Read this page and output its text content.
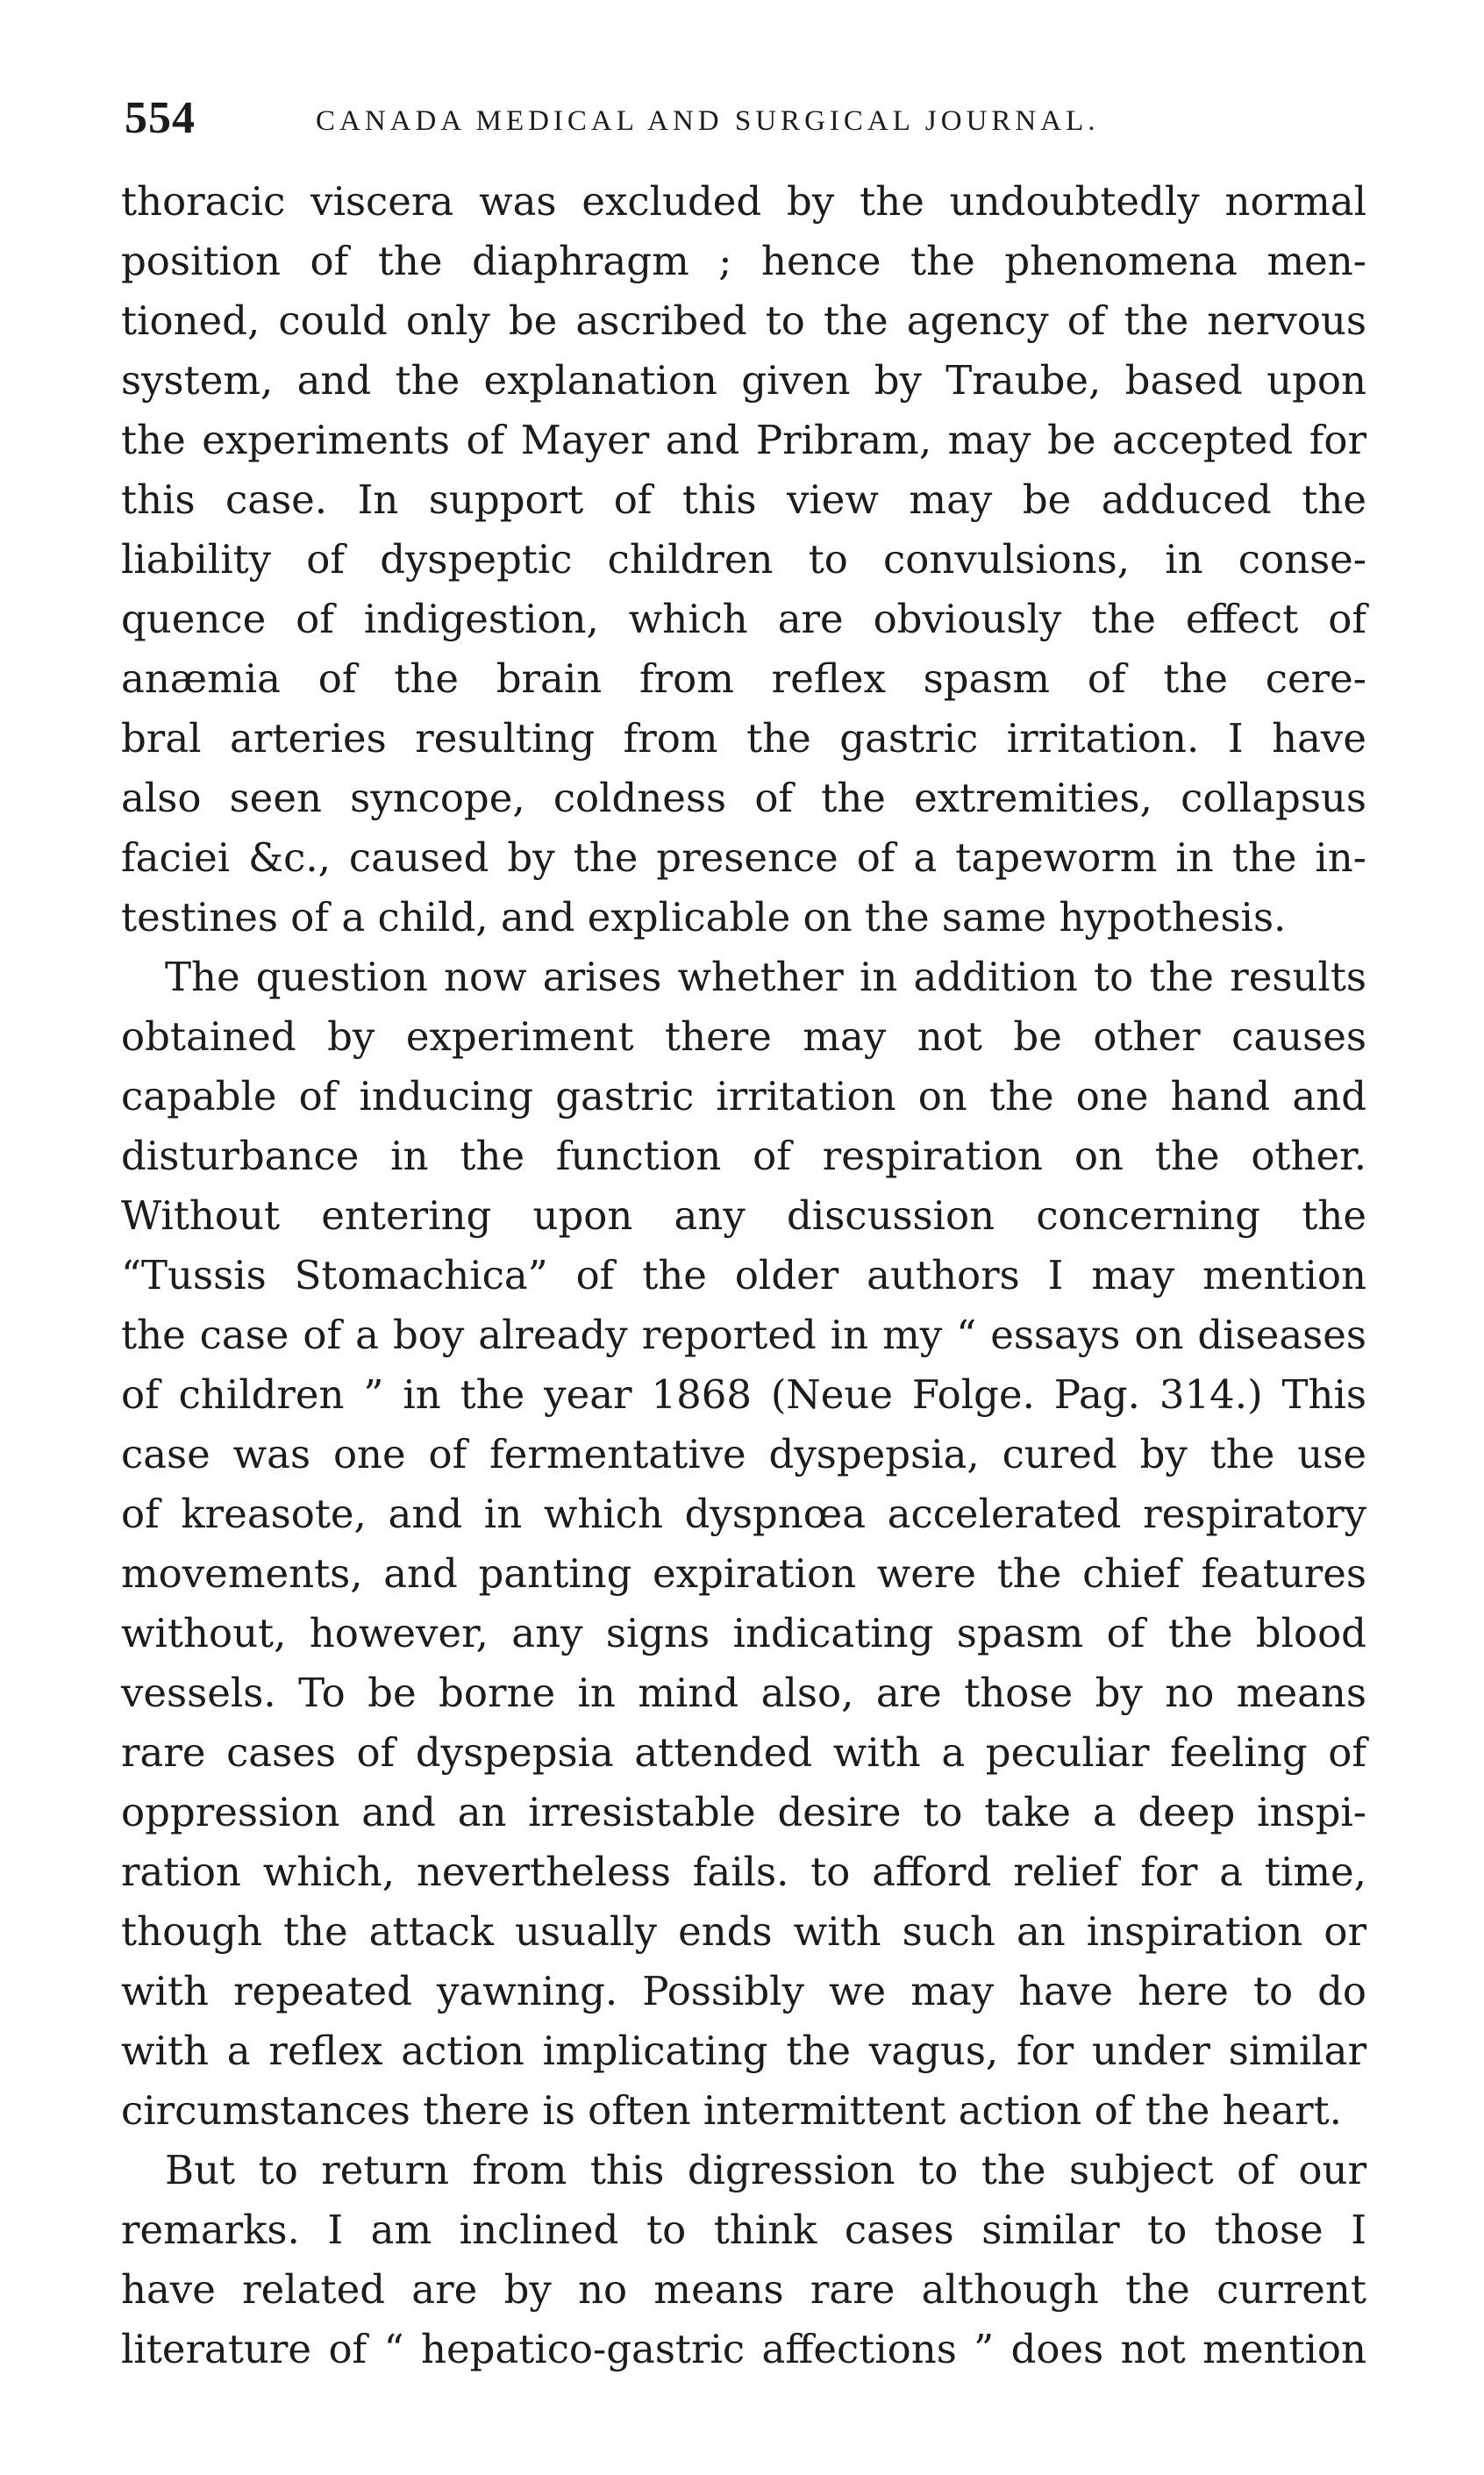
554	CANADA MEDICAL AND SURGICAL JOURNAL.
thoracic viscera was excluded by the undoubtedly normal
position of the diaphragm ; hence the phenomena men-
tioned, could only be ascribed to the agency of the nervous
system, and the explanation given by Traube, based upon
the experiments of Mayer and Pribram, may be accepted for
this case. In support of this view may be adduced the
liability of dyspeptic children to convulsions, in conse-
quence of indigestion, which are obviously the effect of
anæmia of the brain from reflex spasm of the cere-
bral arteries resulting from the gastric irritation. I have
also seen syncope, coldness of the extremities, collapsus
faciei &c., caused by the presence of a tapeworm in the in-
testines of a child, and explicable on the same hypothesis.
The question now arises whether in addition to the results
obtained by experiment there may not be other causes
capable of inducing gastric irritation on the one hand and
disturbance in the function of respiration on the other.
Without entering upon any discussion concerning the
“Tussis Stomachica” of the older authors I may mention
the case of a boy already reported in my “ essays on diseases
of children ” in the year 1868 (Neue Folge. Pag. 314.) This
case was one of fermentative dyspepsia, cured by the use
of kreasote, and in which dyspnœa accelerated respiratory
movements, and panting expiration were the chief features
without, however, any signs indicating spasm of the blood
vessels. To be borne in mind also, are those by no means
rare cases of dyspepsia attended with a peculiar feeling of
oppression and an irresistable desire to take a deep inspi-
ration which, nevertheless fails. to afford relief for a time,
though the attack usually ends with such an inspiration or
with repeated yawning. Possibly we may have here to do
with a reflex action implicating the vagus, for under similar
circumstances there is often intermittent action of the heart.
But to return from this digression to the subject of our
remarks. I am inclined to think cases similar to those I
have related are by no means rare although the current
literature of “ hepatico-gastric affections ” does not mention
